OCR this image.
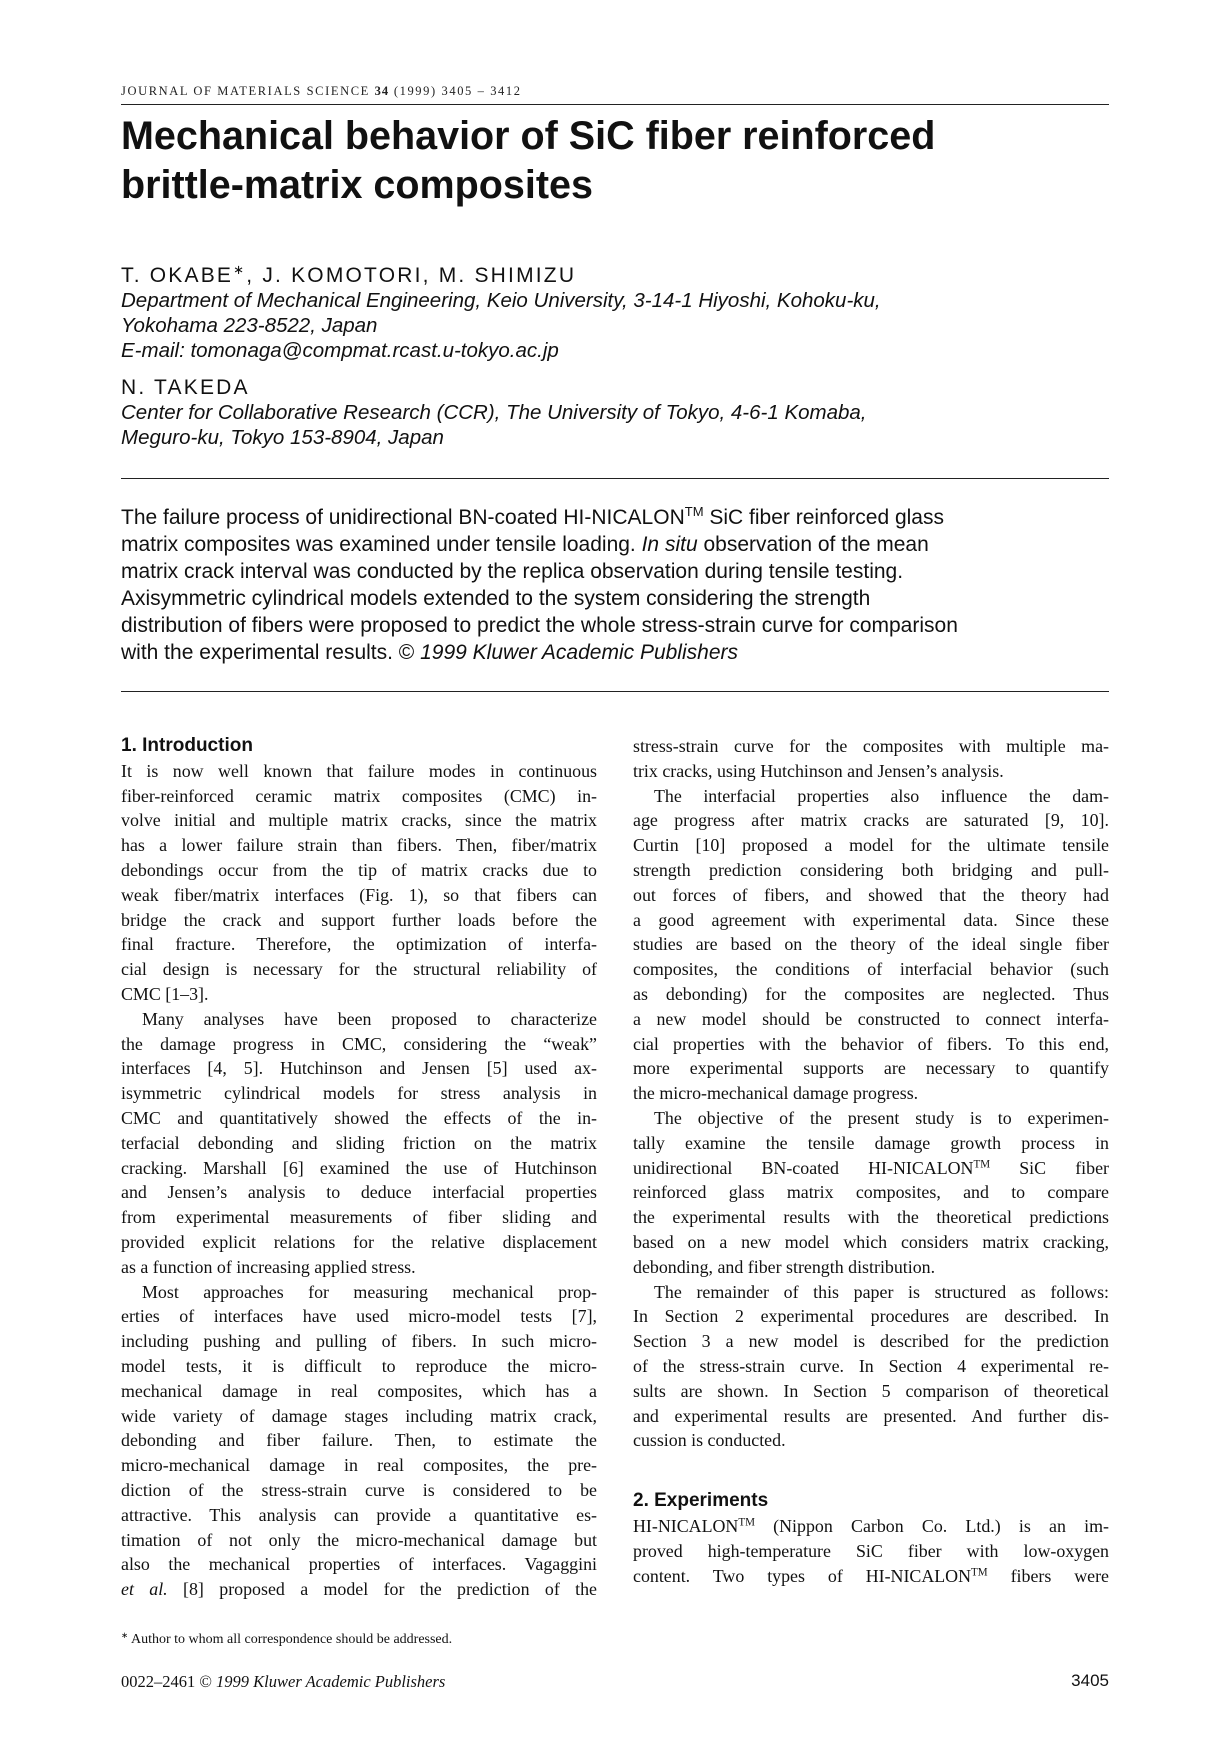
JOURNAL OF MATERIALS SCIENCE 34 (1999) 3405 – 3412
Mechanical behavior of SiC fiber reinforced
brittle-matrix composites
T. OKABE∗, J. KOMOTORI, M. SHIMIZU
Department of Mechanical Engineering, Keio University, 3-14-1 Hiyoshi, Kohoku-ku,
Yokohama 223-8522, Japan
E-mail: tomonaga@compmat.rcast.u-tokyo.ac.jp
N. TAKEDA
Center for Collaborative Research (CCR), The University of Tokyo, 4-6-1 Komaba,
Meguro-ku, Tokyo 153-8904, Japan
The failure process of unidirectional BN-coated HI-NICALON™ SiC fiber reinforced glass
matrix composites was examined under tensile loading. In situ observation of the mean
matrix crack interval was conducted by the replica observation during tensile testing.
Axisymmetric cylindrical models extended to the system considering the strength
distribution of fibers were proposed to predict the whole stress-strain curve for comparison
with the experimental results. © 1999 Kluwer Academic Publishers
1. Introduction
It is now well known that failure modes in continuous
fiber-reinforced ceramic matrix composites (CMC) in-
volve initial and multiple matrix cracks, since the matrix
has a lower failure strain than fibers. Then, fiber/matrix
debondings occur from the tip of matrix cracks due to
weak fiber/matrix interfaces (Fig. 1), so that fibers can
bridge the crack and support further loads before the
final fracture. Therefore, the optimization of interfa-
cial design is necessary for the structural reliability of
CMC [1–3].
Many analyses have been proposed to characterize
the damage progress in CMC, considering the “weak”
interfaces [4, 5]. Hutchinson and Jensen [5] used ax-
isymmetric cylindrical models for stress analysis in
CMC and quantitatively showed the effects of the in-
terfacial debonding and sliding friction on the matrix
cracking. Marshall [6] examined the use of Hutchinson
and Jensen’s analysis to deduce interfacial properties
from experimental measurements of fiber sliding and
provided explicit relations for the relative displacement
as a function of increasing applied stress.
Most approaches for measuring mechanical prop-
erties of interfaces have used micro-model tests [7],
including pushing and pulling of fibers. In such micro-
model tests, it is difficult to reproduce the micro-
mechanical damage in real composites, which has a
wide variety of damage stages including matrix crack,
debonding and fiber failure. Then, to estimate the
micro-mechanical damage in real composites, the pre-
diction of the stress-strain curve is considered to be
attractive. This analysis can provide a quantitative es-
timation of not only the micro-mechanical damage but
also the mechanical properties of interfaces. Vagaggini
et al. [8] proposed a model for the prediction of the
stress-strain curve for the composites with multiple ma-
trix cracks, using Hutchinson and Jensen’s analysis.
The interfacial properties also influence the dam-
age progress after matrix cracks are saturated [9, 10].
Curtin [10] proposed a model for the ultimate tensile
strength prediction considering both bridging and pull-
out forces of fibers, and showed that the theory had
a good agreement with experimental data. Since these
studies are based on the theory of the ideal single fiber
composites, the conditions of interfacial behavior (such
as debonding) for the composites are neglected. Thus
a new model should be constructed to connect interfa-
cial properties with the behavior of fibers. To this end,
more experimental supports are necessary to quantify
the micro-mechanical damage progress.
The objective of the present study is to experimen-
tally examine the tensile damage growth process in
unidirectional BN-coated HI-NICALON™ SiC fiber
reinforced glass matrix composites, and to compare
the experimental results with the theoretical predictions
based on a new model which considers matrix cracking,
debonding, and fiber strength distribution.
The remainder of this paper is structured as follows:
In Section 2 experimental procedures are described. In
Section 3 a new model is described for the prediction
of the stress-strain curve. In Section 4 experimental re-
sults are shown. In Section 5 comparison of theoretical
and experimental results are presented. And further dis-
cussion is conducted.
2. Experiments
HI-NICALON™ (Nippon Carbon Co. Ltd.) is an im-
proved high-temperature SiC fiber with low-oxygen
content. Two types of HI-NICALON™ fibers were
∗ Author to whom all correspondence should be addressed.
0022–2461 © 1999 Kluwer Academic Publishers	3405
